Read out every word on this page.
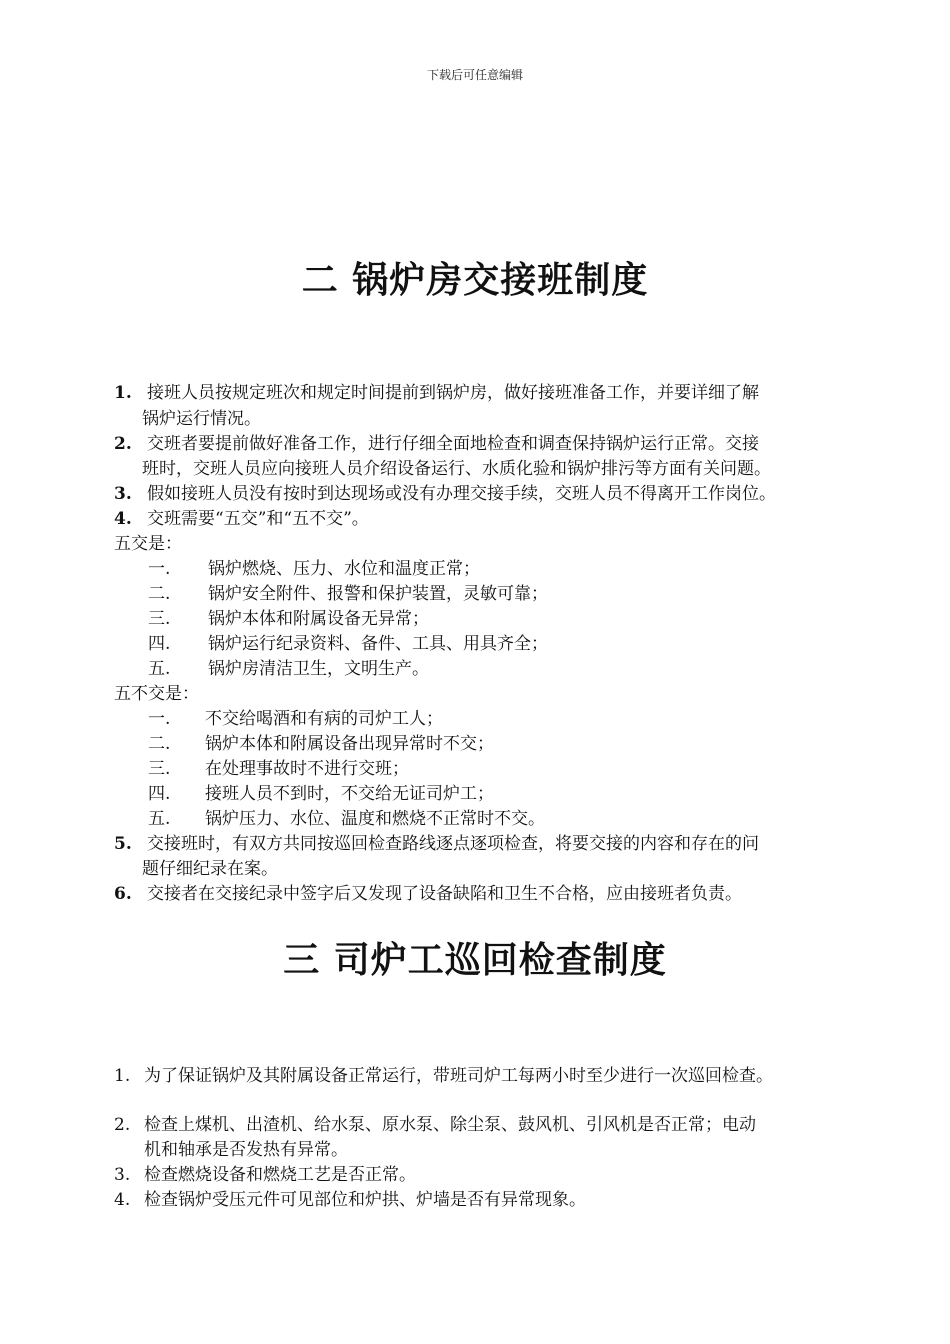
下载后可任意编辑
二 锅炉房交接班制度
1. 接班人员按规定班次和规定时间提前到锅炉房，做好接班准备工作，并要详细了解
锅炉运行情况。
2. 交班者要提前做好准备工作，进行仔细全面地检查和调查保持锅炉运行正常。交接
班时，交班人员应向接班人员介绍设备运行、水质化验和锅炉排污等方面有关问题。
3. 假如接班人员没有按时到达现场或没有办理交接手续，交班人员不得离开工作岗位。
4. 交班需要“五交”和“五不交”。
五交是：
一. 锅炉燃烧、压力、水位和温度正常；
二. 锅炉安全附件、报警和保护装置，灵敏可靠；
三. 锅炉本体和附属设备无异常；
四. 锅炉运行纪录资料、备件、工具、用具齐全；
五. 锅炉房清洁卫生，文明生产。
五不交是：
一. 不交给喝酒和有病的司炉工人；
二. 锅炉本体和附属设备出现异常时不交；
三. 在处理事故时不进行交班；
四. 接班人员不到时，不交给无证司炉工；
五. 锅炉压力、水位、温度和燃烧不正常时不交。
5. 交接班时，有双方共同按巡回检查路线逐点逐项检查，将要交接的内容和存在的问
题仔细纪录在案。
6. 交接者在交接纪录中签字后又发现了设备缺陷和卫生不合格，应由接班者负责。
三 司炉工巡回检查制度
1. 为了保证锅炉及其附属设备正常运行，带班司炉工每两小时至少进行一次巡回检查。
2. 检查上煤机、出渣机、给水泵、原水泵、除尘泵、鼓风机、引风机是否正常；电动
机和轴承是否发热有异常。
3. 检查燃烧设备和燃烧工艺是否正常。
4. 检查锅炉受压元件可见部位和炉拱、炉墙是否有异常现象。
